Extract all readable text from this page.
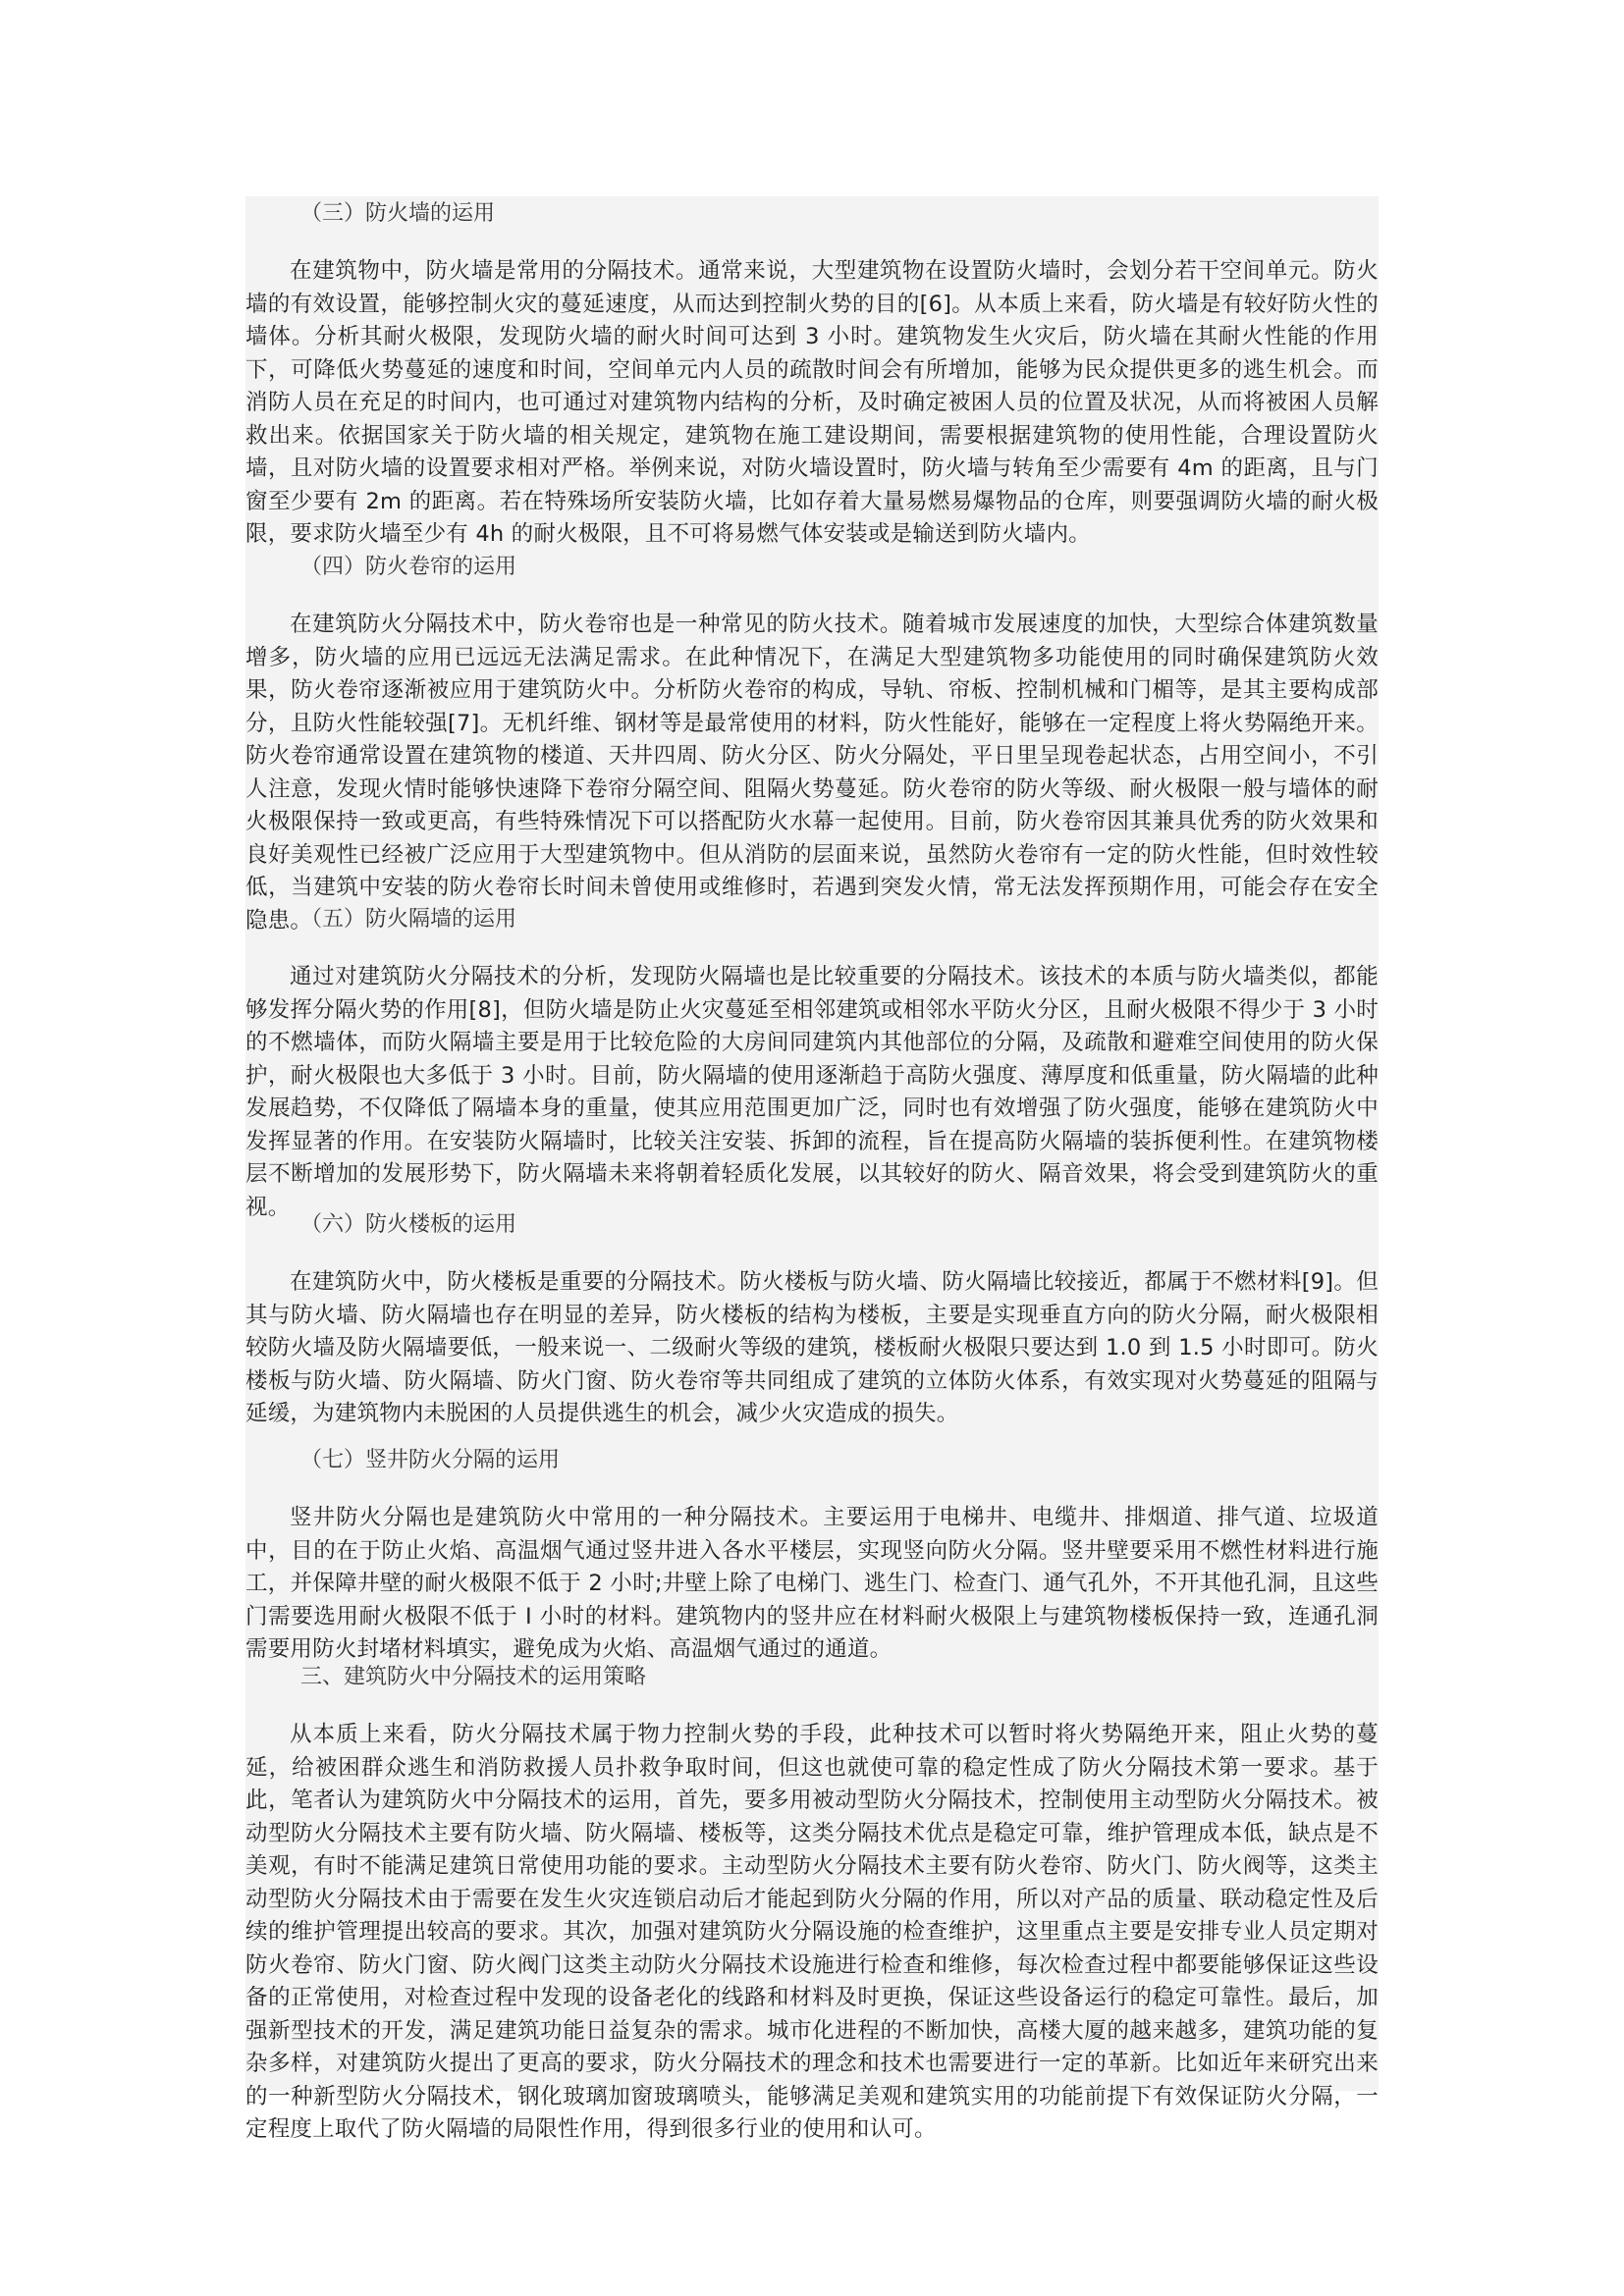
（三）防火墙的运用

在建筑物中，防火墙是常用的分隔技术。通常来说，大型建筑物在设置防火墙时，会划分若干空间单元。防火墙的有效设置，能够控制火灾的蔓延速度，从而达到控制火势的目的[6]。从本质上来看，防火墙是有较好防火性的墙体。分析其耐火极限，发现防火墙的耐火时间可达到 3 小时。建筑物发生火灾后，防火墙在其耐火性能的作用下，可降低火势蔓延的速度和时间，空间单元内人员的疏散时间会有所增加，能够为民众提供更多的逃生机会。而消防人员在充足的时间内，也可通过对建筑物内结构的分析，及时确定被困人员的位置及状况，从而将被困人员解救出来。依据国家关于防火墙的相关规定，建筑物在施工建设期间，需要根据建筑物的使用性能，合理设置防火墙，且对防火墙的设置要求相对严格。举例来说，对防火墙设置时，防火墙与转角至少需要有 4m 的距离，且与门窗至少要有 2m 的距离。若在特殊场所安装防火墙，比如存着大量易燃易爆物品的仓库，则要强调防火墙的耐火极限，要求防火墙至少有 4h 的耐火极限，且不可将易燃气体安装或是输送到防火墙内。

（四）防火卷帘的运用

在建筑防火分隔技术中，防火卷帘也是一种常见的防火技术。随着城市发展速度的加快，大型综合体建筑数量增多，防火墙的应用已远远无法满足需求。在此种情况下，在满足大型建筑物多功能使用的同时确保建筑防火效果，防火卷帘逐渐被应用于建筑防火中。分析防火卷帘的构成，导轨、帘板、控制机械和门楣等，是其主要构成部分，且防火性能较强[7]。无机纤维、钢材等是最常使用的材料，防火性能好，能够在一定程度上将火势隔绝开来。防火卷帘通常设置在建筑物的楼道、天井四周、防火分区、防火分隔处，平日里呈现卷起状态，占用空间小，不引人注意，发现火情时能够快速降下卷帘分隔空间、阻隔火势蔓延。防火卷帘的防火等级、耐火极限一般与墙体的耐火极限保持一致或更高，有些特殊情况下可以搭配防火水幕一起使用。目前，防火卷帘因其兼具优秀的防火效果和良好美观性已经被广泛应用于大型建筑物中。但从消防的层面来说，虽然防火卷帘有一定的防火性能，但时效性较低，当建筑中安装的防火卷帘长时间未曾使用或维修时，若遇到突发火情，常无法发挥预期作用，可能会存在安全隐患。

（五）防火隔墙的运用

通过对建筑防火分隔技术的分析，发现防火隔墙也是比较重要的分隔技术。该技术的本质与防火墙类似，都能够发挥分隔火势的作用[8]，但防火墙是防止火灾蔓延至相邻建筑或相邻水平防火分区，且耐火极限不得少于 3 小时的不燃墙体，而防火隔墙主要是用于比较危险的大房间同建筑内其他部位的分隔，及疏散和避难空间使用的防火保护，耐火极限也大多低于 3 小时。目前，防火隔墙的使用逐渐趋于高防火强度、薄厚度和低重量，防火隔墙的此种发展趋势，不仅降低了隔墙本身的重量，使其应用范围更加广泛，同时也有效增强了防火强度，能够在建筑防火中发挥显著的作用。在安装防火隔墙时，比较关注安装、拆卸的流程，旨在提高防火隔墙的装拆便利性。在建筑物楼层不断增加的发展形势下，防火隔墙未来将朝着轻质化发展，以其较好的防火、隔音效果，将会受到建筑防火的重视。

（六）防火楼板的运用

在建筑防火中，防火楼板是重要的分隔技术。防火楼板与防火墙、防火隔墙比较接近，都属于不燃材料[9]。但其与防火墙、防火隔墙也存在明显的差异，防火楼板的结构为楼板，主要是实现垂直方向的防火分隔，耐火极限相较防火墙及防火隔墙要低，一般来说一、二级耐火等级的建筑，楼板耐火极限只要达到 1.0 到 1.5 小时即可。防火楼板与防火墙、防火隔墙、防火门窗、防火卷帘等共同组成了建筑的立体防火体系，有效实现对火势蔓延的阻隔与延缓，为建筑物内未脱困的人员提供逃生的机会，减少火灾造成的损失。

（七）竖井防火分隔的运用

竖井防火分隔也是建筑防火中常用的一种分隔技术。主要运用于电梯井、电缆井、排烟道、排气道、垃圾道中，目的在于防止火焰、高温烟气通过竖井进入各水平楼层，实现竖向防火分隔。竖井壁要采用不燃性材料进行施工，并保障井壁的耐火极限不低于 2 小时;井壁上除了电梯门、逃生门、检查门、通气孔外，不开其他孔洞，且这些门需要选用耐火极限不低于 I 小时的材料。建筑物内的竖井应在材料耐火极限上与建筑物楼板保持一致，连通孔洞需要用防火封堵材料填实，避免成为火焰、高温烟气通过的通道。

三、建筑防火中分隔技术的运用策略

从本质上来看，防火分隔技术属于物力控制火势的手段，此种技术可以暂时将火势隔绝开来，阻止火势的蔓延，给被困群众逃生和消防救援人员扑救争取时间，但这也就使可靠的稳定性成了防火分隔技术第一要求。基于此，笔者认为建筑防火中分隔技术的运用，首先，要多用被动型防火分隔技术，控制使用主动型防火分隔技术。被动型防火分隔技术主要有防火墙、防火隔墙、楼板等，这类分隔技术优点是稳定可靠，维护管理成本低，缺点是不美观，有时不能满足建筑日常使用功能的要求。主动型防火分隔技术主要有防火卷帘、防火门、防火阀等，这类主动型防火分隔技术由于需要在发生火灾连锁启动后才能起到防火分隔的作用，所以对产品的质量、联动稳定性及后续的维护管理提出较高的要求。其次，加强对建筑防火分隔设施的检查维护，这里重点主要是安排专业人员定期对防火卷帘、防火门窗、防火阀门这类主动防火分隔技术设施进行检查和维修，每次检查过程中都要能够保证这些设备的正常使用，对检查过程中发现的设备老化的线路和材料及时更换，保证这些设备运行的稳定可靠性。最后，加强新型技术的开发，满足建筑功能日益复杂的需求。城市化进程的不断加快，高楼大厦的越来越多，建筑功能的复杂多样，对建筑防火提出了更高的要求，防火分隔技术的理念和技术也需要进行一定的革新。比如近年来研究出来的一种新型防火分隔技术，钢化玻璃加窗玻璃喷头，能够满足美观和建筑实用的功能前提下有效保证防火分隔，一定程度上取代了防火隔墙的局限性作用，得到很多行业的使用和认可。
